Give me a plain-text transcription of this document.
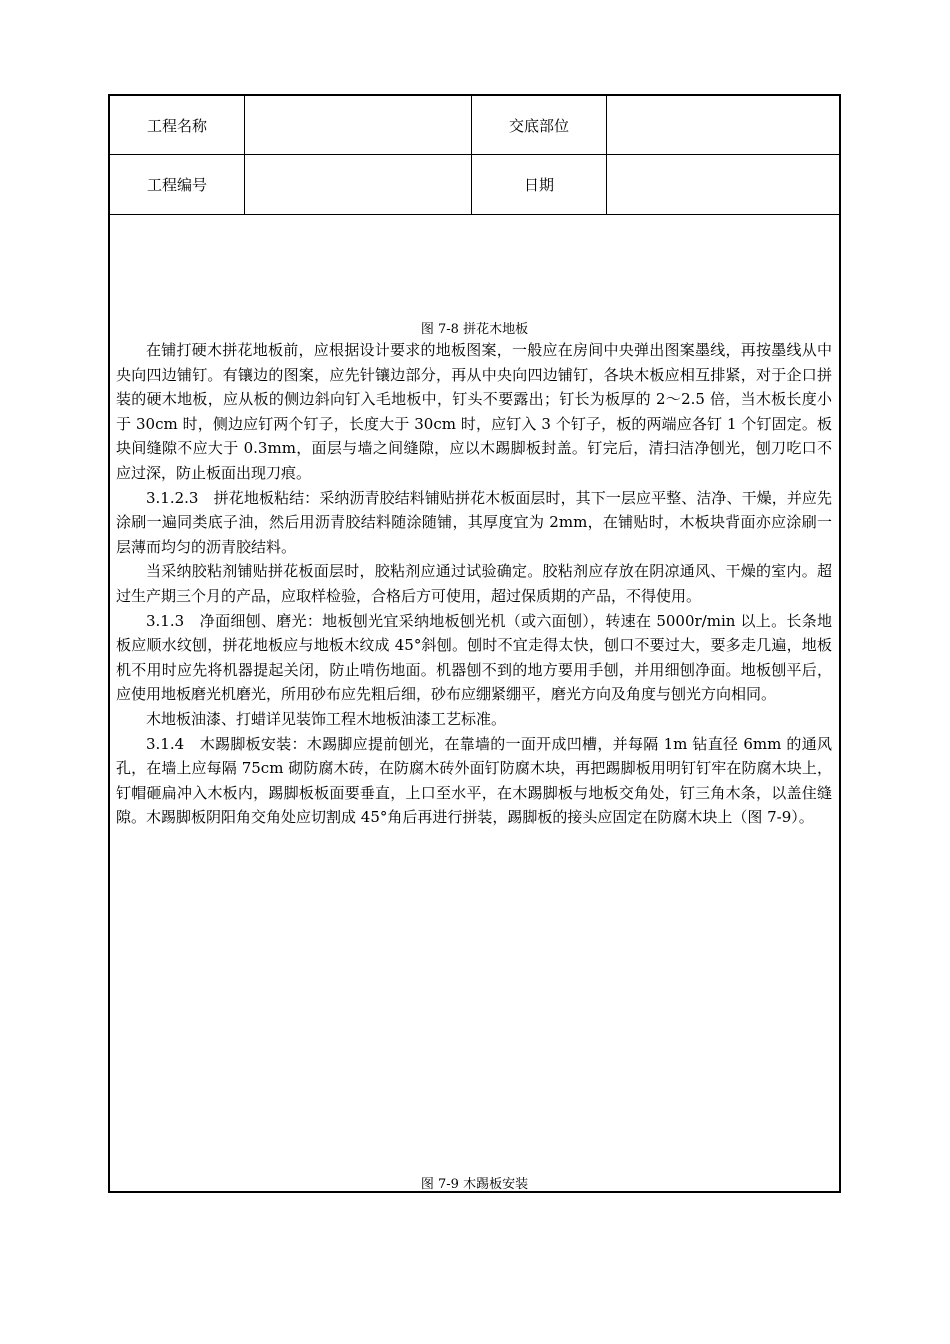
工程名称	交底部位
工程编号	日期
图 7-8 拼花木地板

在铺打硬木拼花地板前，应根据设计要求的地板图案，一般应在房间中央弹出图案墨线，再按墨线从中央向四边铺钉。有镶边的图案，应先针镶边部分，再从中央向四边铺钉，各块木板应相互排紧，对于企口拼装的硬木地板，应从板的侧边斜向钉入毛地板中，钉头不要露出；钉长为板厚的 2～2.5 倍，当木板长度小于 30cm 时，侧边应钉两个钉子，长度大于 30cm 时，应钉入 3 个钉子，板的两端应各钉 1 个钉固定。板块间缝隙不应大于 0.3mm，面层与墙之间缝隙，应以木踢脚板封盖。钉完后，清扫洁净刨光，刨刀吃口不应过深，防止板面出现刀痕。

3.1.2.3　拼花地板粘结：采纳沥青胶结料铺贴拼花木板面层时，其下一层应平整、洁净、干燥，并应先涂刷一遍同类底子油，然后用沥青胶结料随涂随铺，其厚度宜为 2mm，在铺贴时，木板块背面亦应涂刷一层薄而均匀的沥青胶结料。

当采纳胶粘剂铺贴拼花板面层时，胶粘剂应通过试验确定。胶粘剂应存放在阴凉通风、干燥的室内。超过生产期三个月的产品，应取样检验，合格后方可使用，超过保质期的产品，不得使用。

3.1.3　净面细刨、磨光：地板刨光宜采纳地板刨光机（或六面刨），转速在 5000r/min 以上。长条地板应顺水纹刨，拼花地板应与地板木纹成 45°斜刨。刨时不宜走得太快，刨口不要过大，要多走几遍，地板机不用时应先将机器提起关闭，防止啃伤地面。机器刨不到的地方要用手刨，并用细刨净面。地板刨平后，应使用地板磨光机磨光，所用砂布应先粗后细，砂布应绷紧绷平，磨光方向及角度与刨光方向相同。

木地板油漆、打蜡详见装饰工程木地板油漆工艺标准。

3.1.4　木踢脚板安装：木踢脚应提前刨光，在靠墙的一面开成凹槽，并每隔 1m 钻直径 6mm 的通风孔，在墙上应每隔 75cm 砌防腐木砖，在防腐木砖外面钉防腐木块，再把踢脚板用明钉钉牢在防腐木块上，钉帽砸扁冲入木板内，踢脚板板面要垂直，上口至水平，在木踢脚板与地板交角处，钉三角木条，以盖住缝隙。木踢脚板阴阳角交角处应切割成 45°角后再进行拼装，踢脚板的接头应固定在防腐木块上（图 7-9）。

图 7-9 木踢板安装
